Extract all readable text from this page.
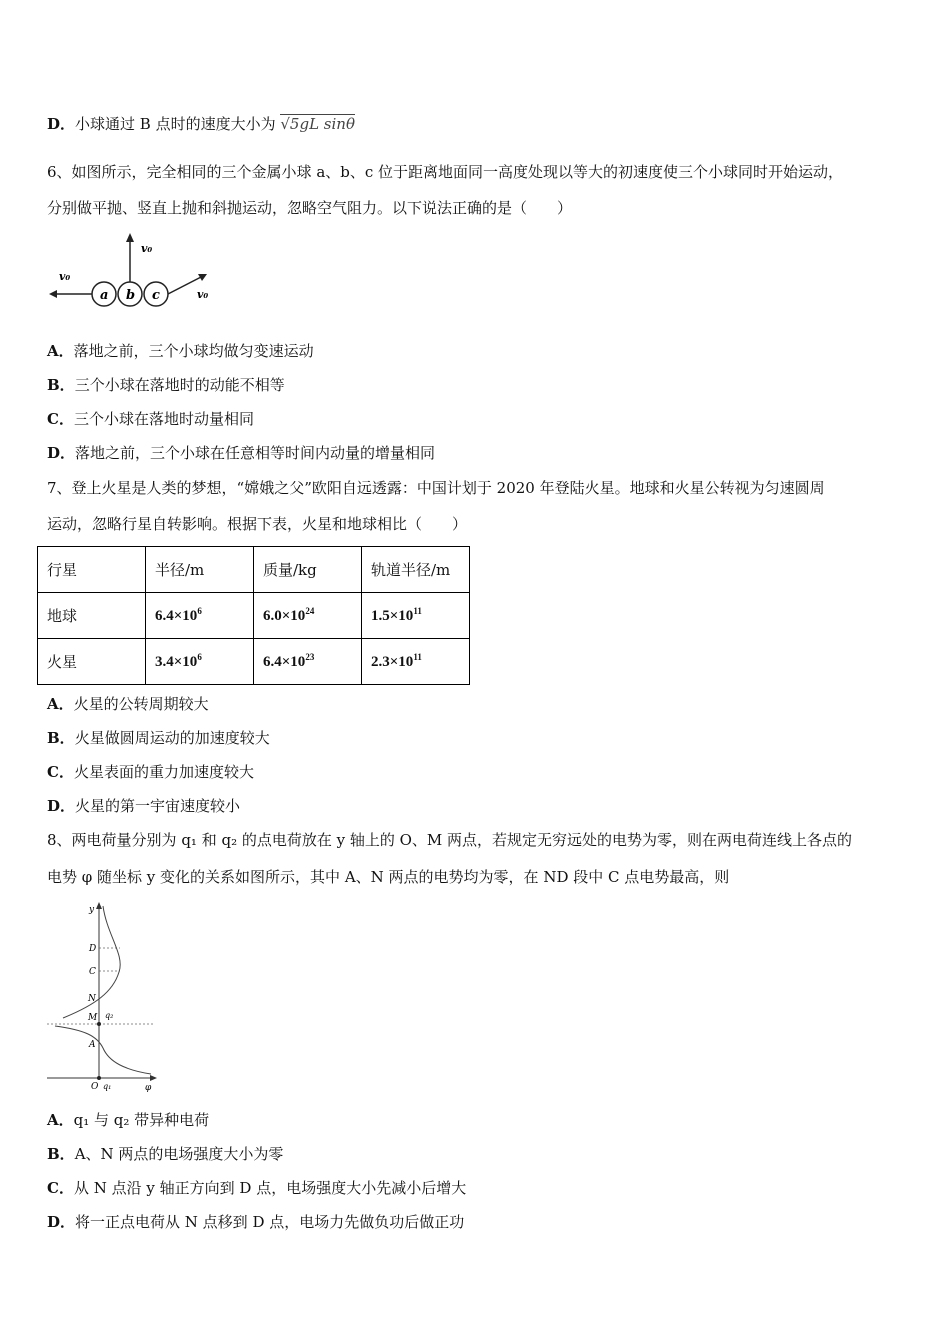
D．小球通过 B 点时的速度大小为 √5gL sinθ
6、如图所示，完全相同的三个金属小球 a、b、c 位于距离地面同一高度处现以等大的初速度使三个小球同时开始运动，
分别做平抛、竖直上抛和斜抛运动，忽略空气阻力。以下说法正确的是（　　）
v₀
v₀
v₀
a b c
A．落地之前，三个小球均做匀变速运动
B．三个小球在落地时的动能不相等
C．三个小球在落地时动量相同
D．落地之前，三个小球在任意相等时间内动量的增量相同
7、登上火星是人类的梦想，“嫦娥之父”欧阳自远透露：中国计划于 2020 年登陆火星。地球和火星公转视为匀速圆周
运动，忽略行星自转影响。根据下表，火星和地球相比（　　）
行星	半径/m	质量/kg	轨道半径/m
地球	$6.4\times 10^6$	$6.0\times 10^{24}$	$1.5\times 10^{11}$
火星	$3.4\times 10^6$	$6.4\times 10^{23}$	$2.3\times 10^{11}$
A．火星的公转周期较大
B．火星做圆周运动的加速度较大
C．火星表面的重力加速度较大
D．火星的第一宇宙速度较小
8、两电荷量分别为 q₁ 和 q₂ 的点电荷放在 y 轴上的 O、M 两点，若规定无穷远处的电势为零，则在两电荷连线上各点的
电势 φ 随坐标 y 变化的关系如图所示，其中 A、N 两点的电势均为零，在 ND 段中 C 点电势最高，则
y
φ
D
C
N
M q₂
A
O q₁
A．q₁ 与 q₂ 带异种电荷
B．A、N 两点的电场强度大小为零
C．从 N 点沿 y 轴正方向到 D 点，电场强度大小先减小后增大
D．将一正点电荷从 N 点移到 D 点，电场力先做负功后做正功
